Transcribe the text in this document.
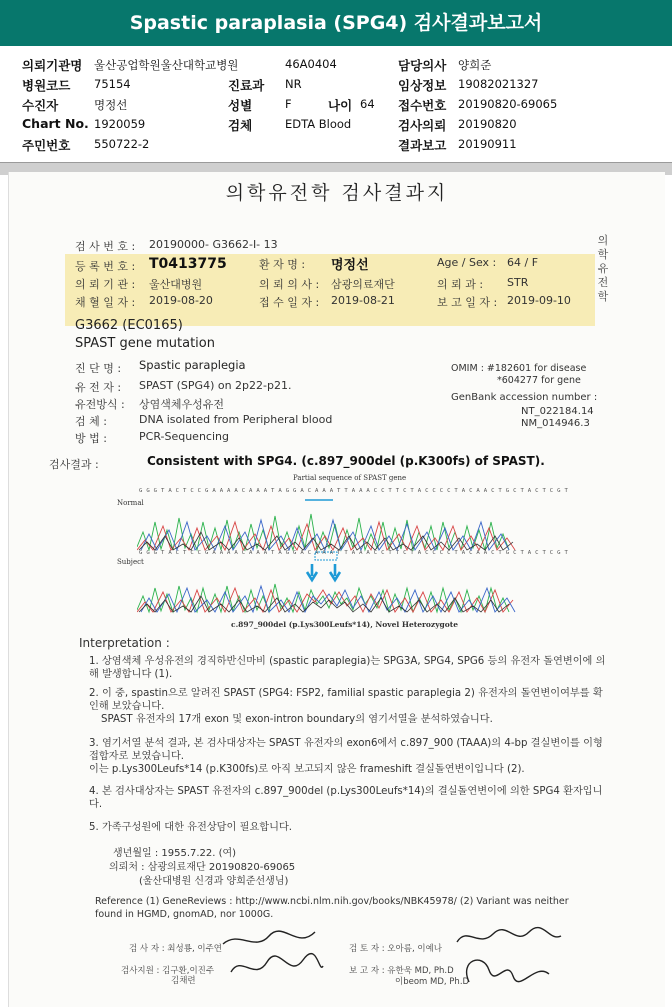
Spastic paraplasia (SPG4) 검사결과보고서
의뢰기관명 울산공업학원울산대학교병원	46A0404	담당의사 양희준
병원코드 75154	진료과 NR	임상정보 19082021327
수진자	명정선	성별	F	나이 64 접수번호 20190820-69065
Chart No. 1920059	검체	EDTA Blood	검사의뢰 20190820
주민번호 550722-2	결과보고 20190911
의학유전학 검사결과지
의학유전학
검 사 번 호 : 20190000- G3662-I- 13
등 록 번 호 : T0413775	환 자 명 : 명정선	Age / Sex : 64 / F
의 뢰 기 관 : 울산대병원	의 뢰 의 사 : 삼광의료재단	의 뢰 과 : STR
채 혈 일 자 : 2019-08-20	접 수 일 자 : 2019-08-21	보 고 일 자 : 2019-09-10
G3662 (EC0165)
SPAST gene mutation
진 단 명 : Spastic paraplegia
유 전 자 : SPAST (SPG4) on 2p22-p21.
유전방식 : 상염색체우성유전
검 체 :	DNA isolated from Peripheral blood
방 법 :	PCR-Sequencing
OMIM : #182601 for disease
*604277 for gene
GenBank accession number :
NT_022184.14
NM_014946.3
검사결과 :	Consistent with SPG4. (c.897_900del (p.K300fs) of SPAST).
Partial sequence of SPAST gene
G G G T A C T C C G A A A A C A A A T A G G A C A A A T T A A A C C T T C T A C C C C T A C A A C T G C T A C T C G T
Normal
G G G T A C T C C G A A A A C A A A T A G G A C A A A T T A A A C C T T C T A C C C C T A C A A C T G C T A C T C G T
Subject
c.897_900del (p.Lys300Leufs*14), Novel Heterozygote
Interpretation :
1. 상염색체 우성유전의 경직하반신마비 (spastic paraplegia)는 SPG3A, SPG4, SPG6 등의 유전자 돌연변이에 의해 발생합니다 (1).
2. 이 중, spastin으로 알려진 SPAST (SPG4: FSP2, familial spastic paraplegia 2) 유전자의 돌연변이여부를 확인해 보았습니다.
SPAST 유전자의 17개 exon 및 exon-intron boundary의 염기서열을 분석하였습니다.
3. 염기서열 분석 결과, 본 검사대상자는 SPAST 유전자의 exon6에서 c.897_900 (TAAA)의 4-bp 결실변이를 이형접합자로 보였습니다.
이는 p.Lys300Leufs*14 (p.K300fs)로 아직 보고되지 않은 frameshift 결실돌연변이입니다 (2).
4. 본 검사대상자는 SPAST 유전자의 c.897_900del (p.Lys300Leufs*14)의 결실돌연변이에 의한 SPG4 환자입니다.
5. 가족구성원에 대한 유전상담이 필요합니다.
생년월일 : 1955.7.22. (여)
의뢰처 : 삼광의료재단 20190820-69065
(울산대병원 신경과 양희준선생님)
Reference (1) GeneReviews : http://www.ncbi.nlm.nih.gov/books/NBK45978/ (2) Variant was neither found in HGMD, gnomAD, nor 1000G.
검 사 자 : 최성룡, 이주연	검 토 자 : 오아름, 이예나
검사지원 : 김구환,이진주
김채련
보 고 자 : 유한욱 MD, Ph.D
이beom MD, Ph.D
